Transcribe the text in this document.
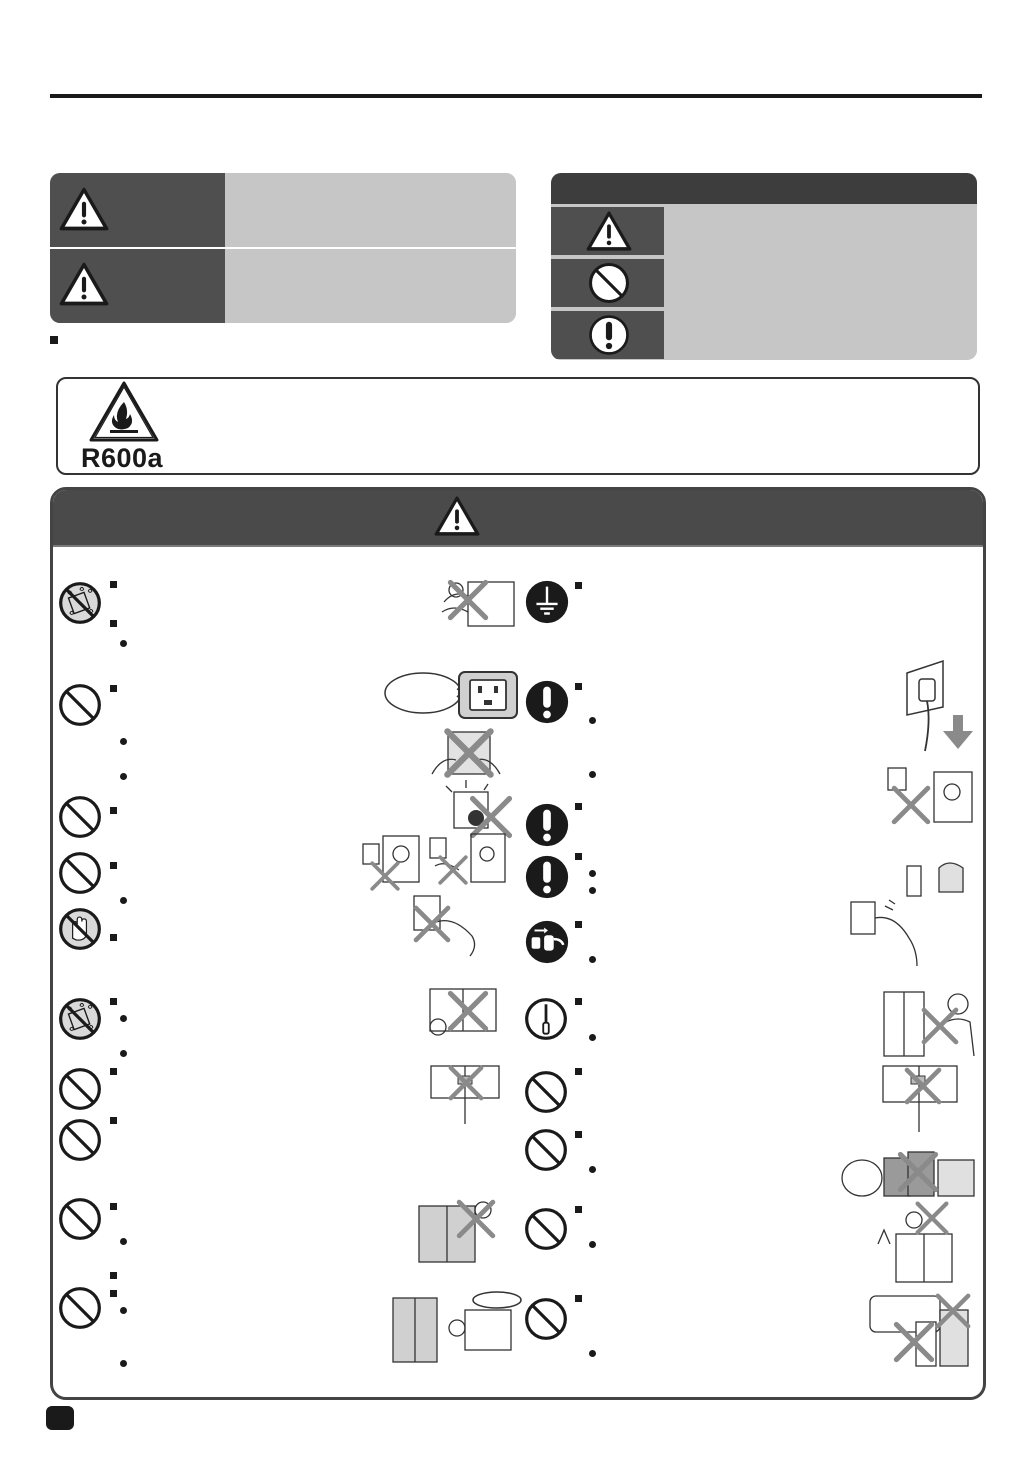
R600a
